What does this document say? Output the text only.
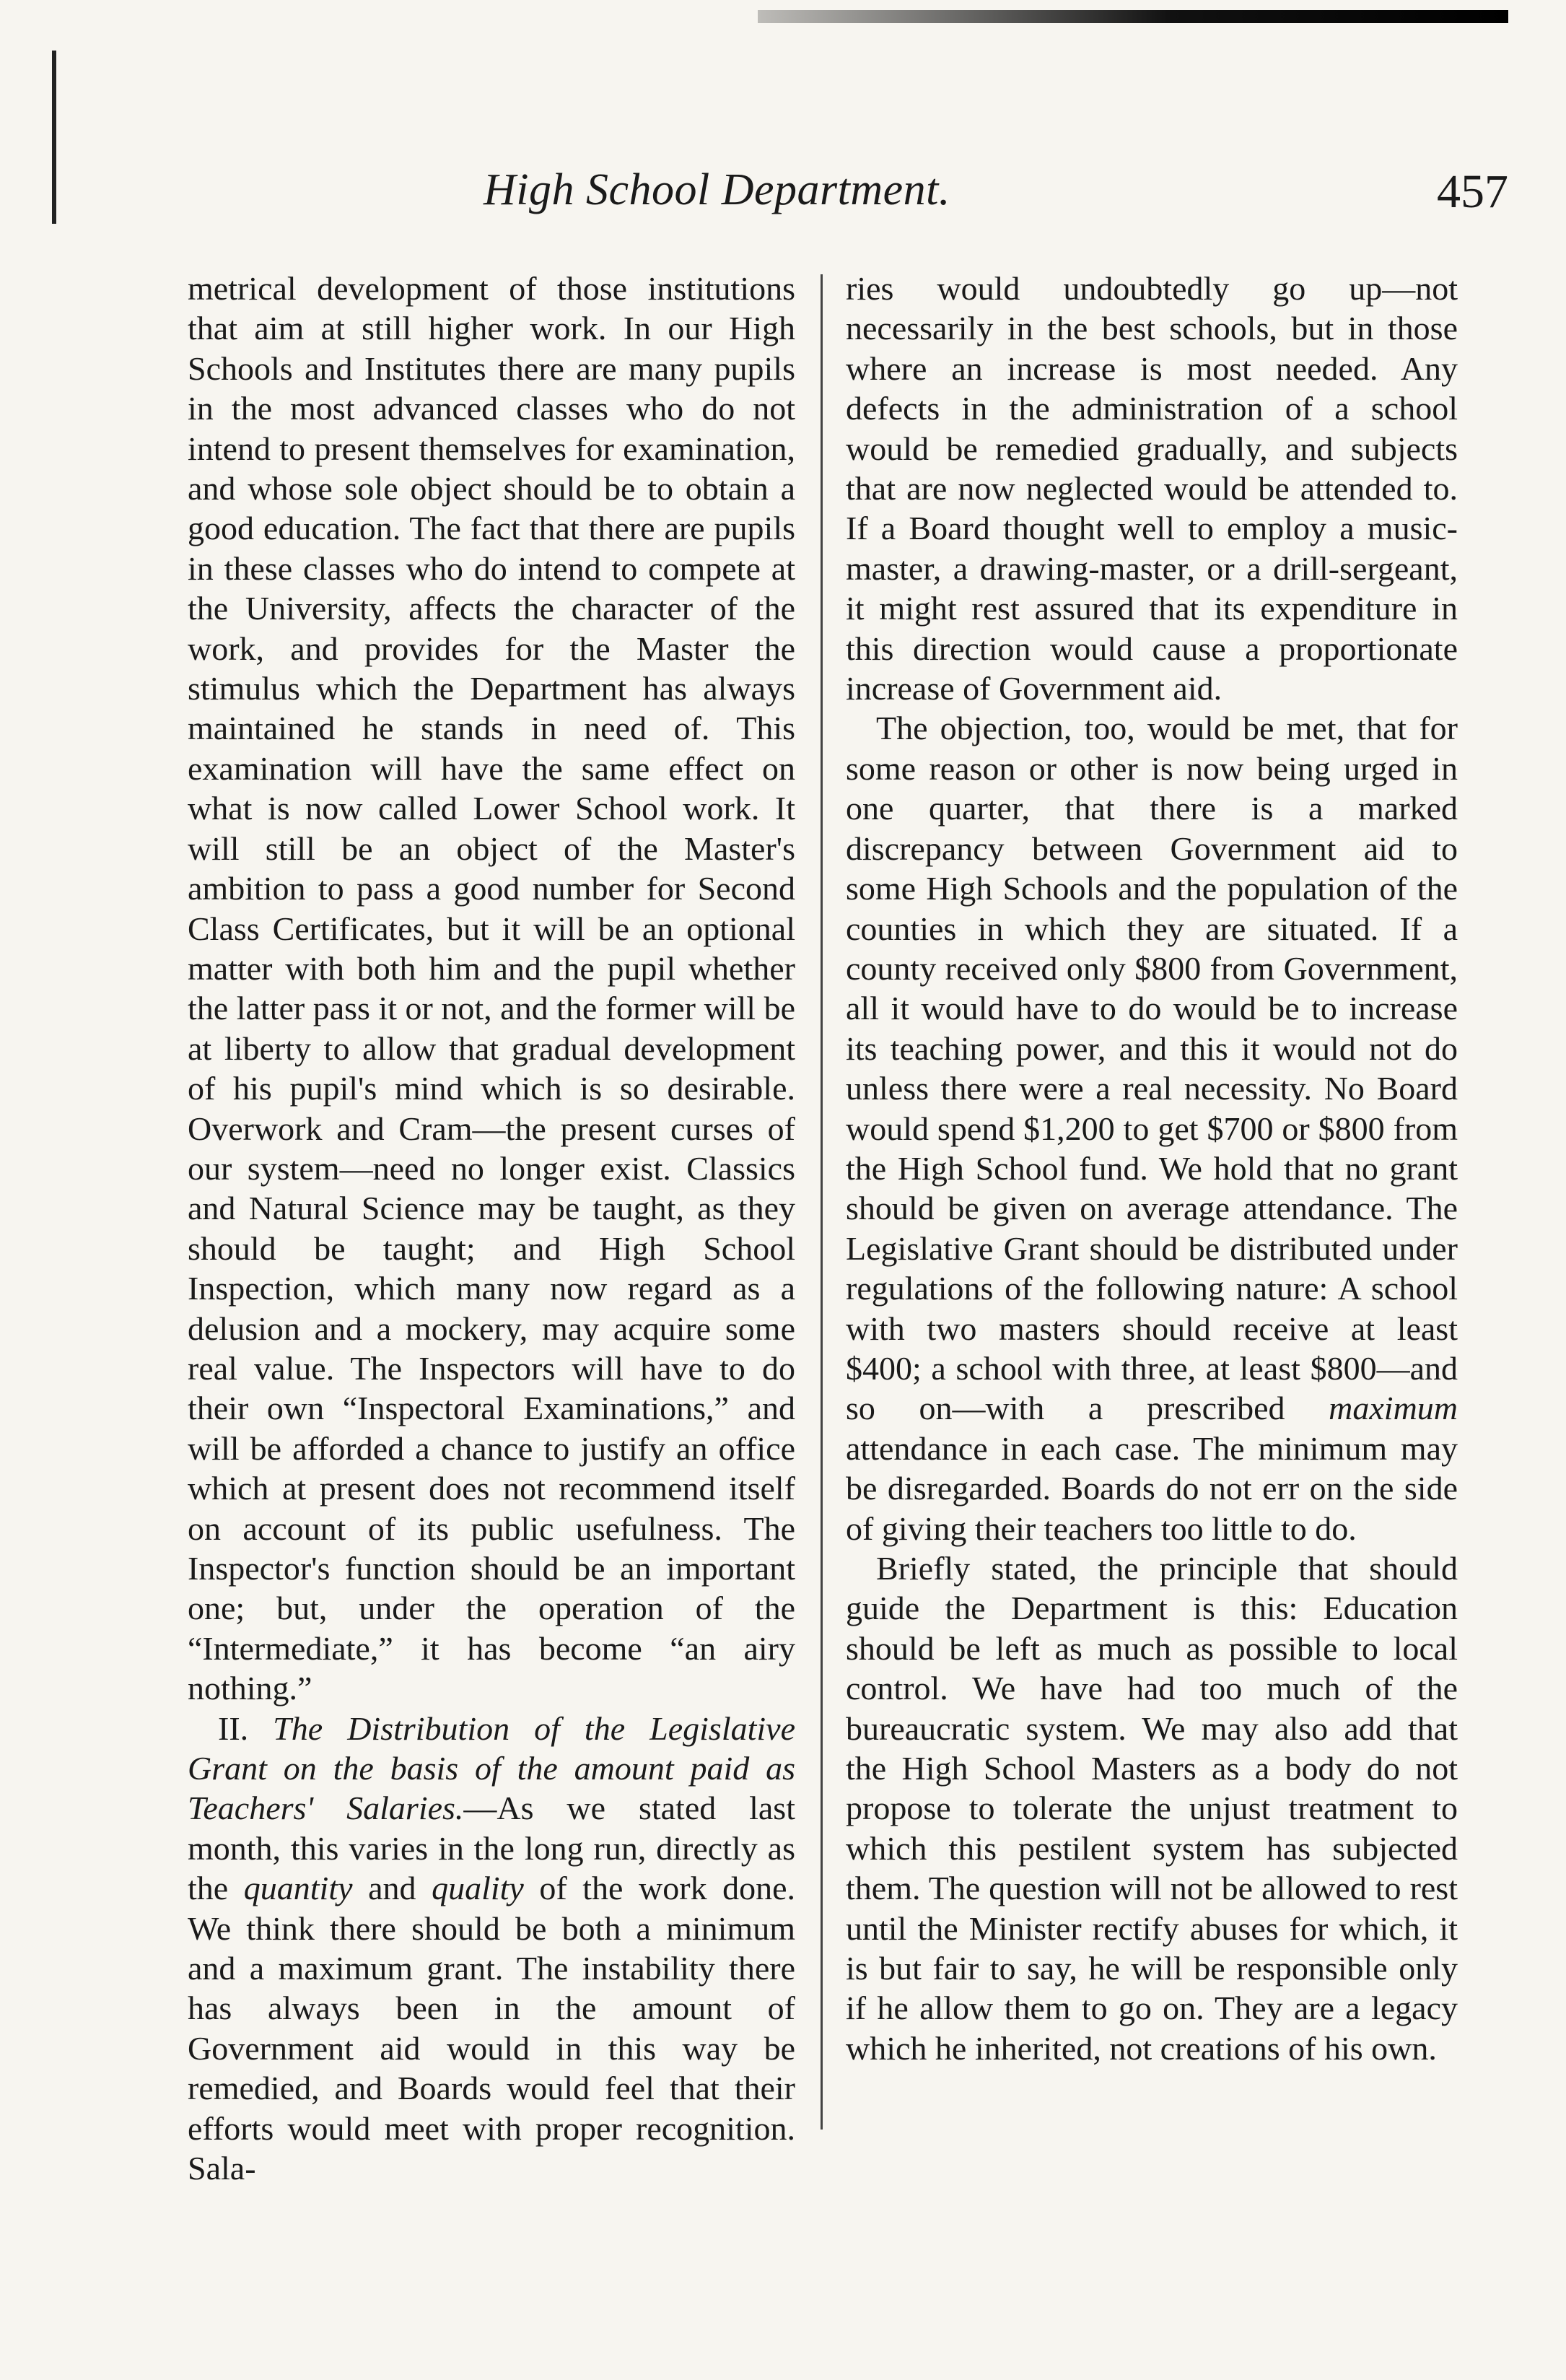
High School Department.	457

metrical development of those institutions that aim at still higher work. In our High Schools and Institutes there are many pupils in the most advanced classes who do not intend to present themselves for examination, and whose sole object should be to obtain a good education. The fact that there are pupils in these classes who do intend to compete at the University, affects the character of the work, and provides for the Master the stimulus which the Department has always maintained he stands in need of. This examination will have the same effect on what is now called Lower School work. It will still be an object of the Master's ambition to pass a good number for Second Class Certificates, but it will be an optional matter with both him and the pupil whether the latter pass it or not, and the former will be at liberty to allow that gradual development of his pupil's mind which is so desirable. Overwork and Cram—the present curses of our system—need no longer exist. Classics and Natural Science may be taught, as they should be taught; and High School Inspection, which many now regard as a delusion and a mockery, may acquire some real value. The Inspectors will have to do their own “Inspectoral Examinations,” and will be afforded a chance to justify an office which at present does not recommend itself on account of its public usefulness. The Inspector's function should be an important one; but, under the operation of the “Intermediate,” it has become “an airy nothing.”

II. The Distribution of the Legislative Grant on the basis of the amount paid as Teachers' Salaries.—As we stated last month, this varies in the long run, directly as the quantity and quality of the work done. We think there should be both a minimum and a maximum grant. The instability there has always been in the amount of Government aid would in this way be remedied, and Boards would feel that their efforts would meet with proper recognition. Sala-

ries would undoubtedly go up—not necessarily in the best schools, but in those where an increase is most needed. Any defects in the administration of a school would be remedied gradually, and subjects that are now neglected would be attended to. If a Board thought well to employ a music-master, a drawing-master, or a drill-sergeant, it might rest assured that its expenditure in this direction would cause a proportionate increase of Government aid.

The objection, too, would be met, that for some reason or other is now being urged in one quarter, that there is a marked discrepancy between Government aid to some High Schools and the population of the counties in which they are situated. If a county received only $800 from Government, all it would have to do would be to increase its teaching power, and this it would not do unless there were a real necessity. No Board would spend $1,200 to get $700 or $800 from the High School fund. We hold that no grant should be given on average attendance. The Legislative Grant should be distributed under regulations of the following nature: A school with two masters should receive at least $400; a school with three, at least $800—and so on—with a prescribed maximum attendance in each case. The minimum may be disregarded. Boards do not err on the side of giving their teachers too little to do.

Briefly stated, the principle that should guide the Department is this: Education should be left as much as possible to local control. We have had too much of the bureaucratic system. We may also add that the High School Masters as a body do not propose to tolerate the unjust treatment to which this pestilent system has subjected them. The question will not be allowed to rest until the Minister rectify abuses for which, it is but fair to say, he will be responsible only if he allow them to go on. They are a legacy which he inherited, not creations of his own.
